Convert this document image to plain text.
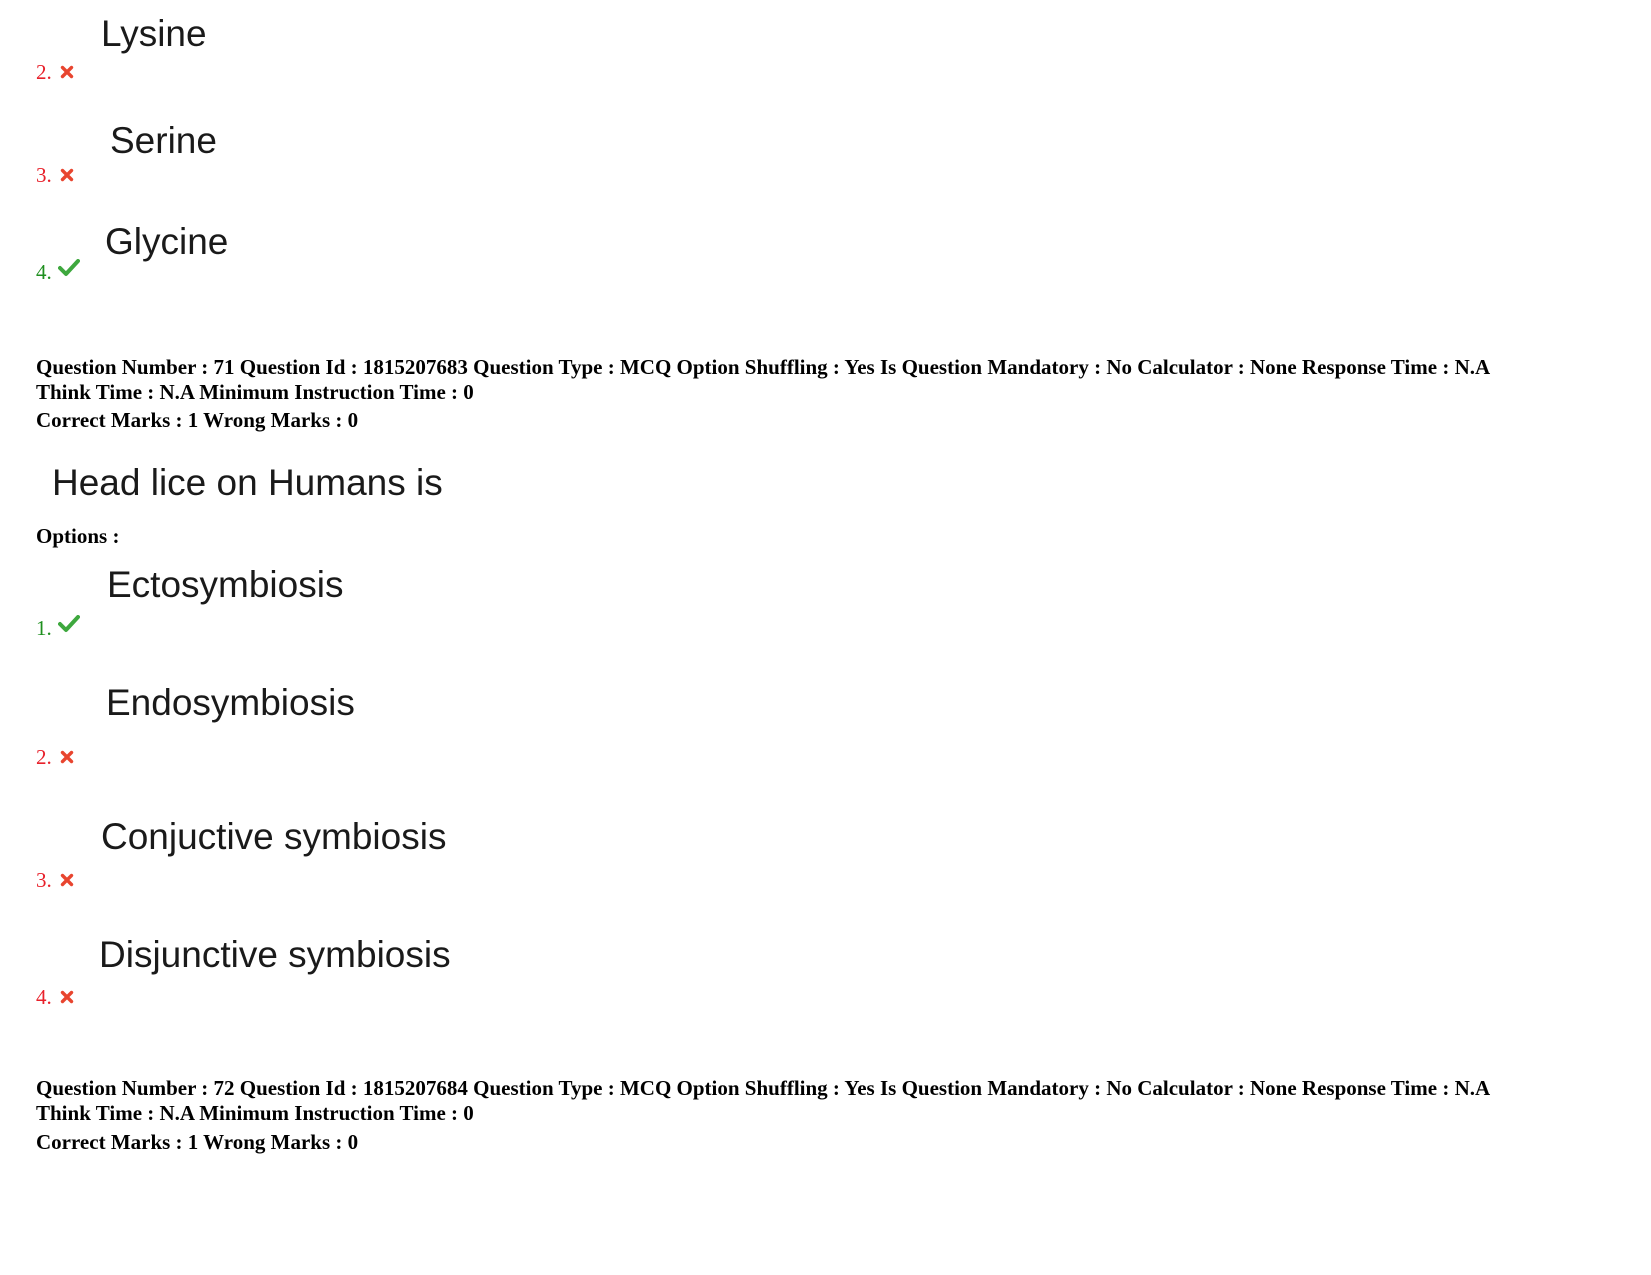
Lysine
2.
Serine
3.
Glycine
4.
Question Number : 71 Question Id : 1815207683 Question Type : MCQ Option Shuffling : Yes Is Question Mandatory : No Calculator : None Response Time : N.A
Think Time : N.A Minimum Instruction Time : 0
Correct Marks : 1 Wrong Marks : 0
Head lice on Humans is
Options :
Ectosymbiosis
1.
Endosymbiosis
2.
Conjuctive symbiosis
3.
Disjunctive symbiosis
4.
Question Number : 72 Question Id : 1815207684 Question Type : MCQ Option Shuffling : Yes Is Question Mandatory : No Calculator : None Response Time : N.A
Think Time : N.A Minimum Instruction Time : 0
Correct Marks : 1 Wrong Marks : 0
